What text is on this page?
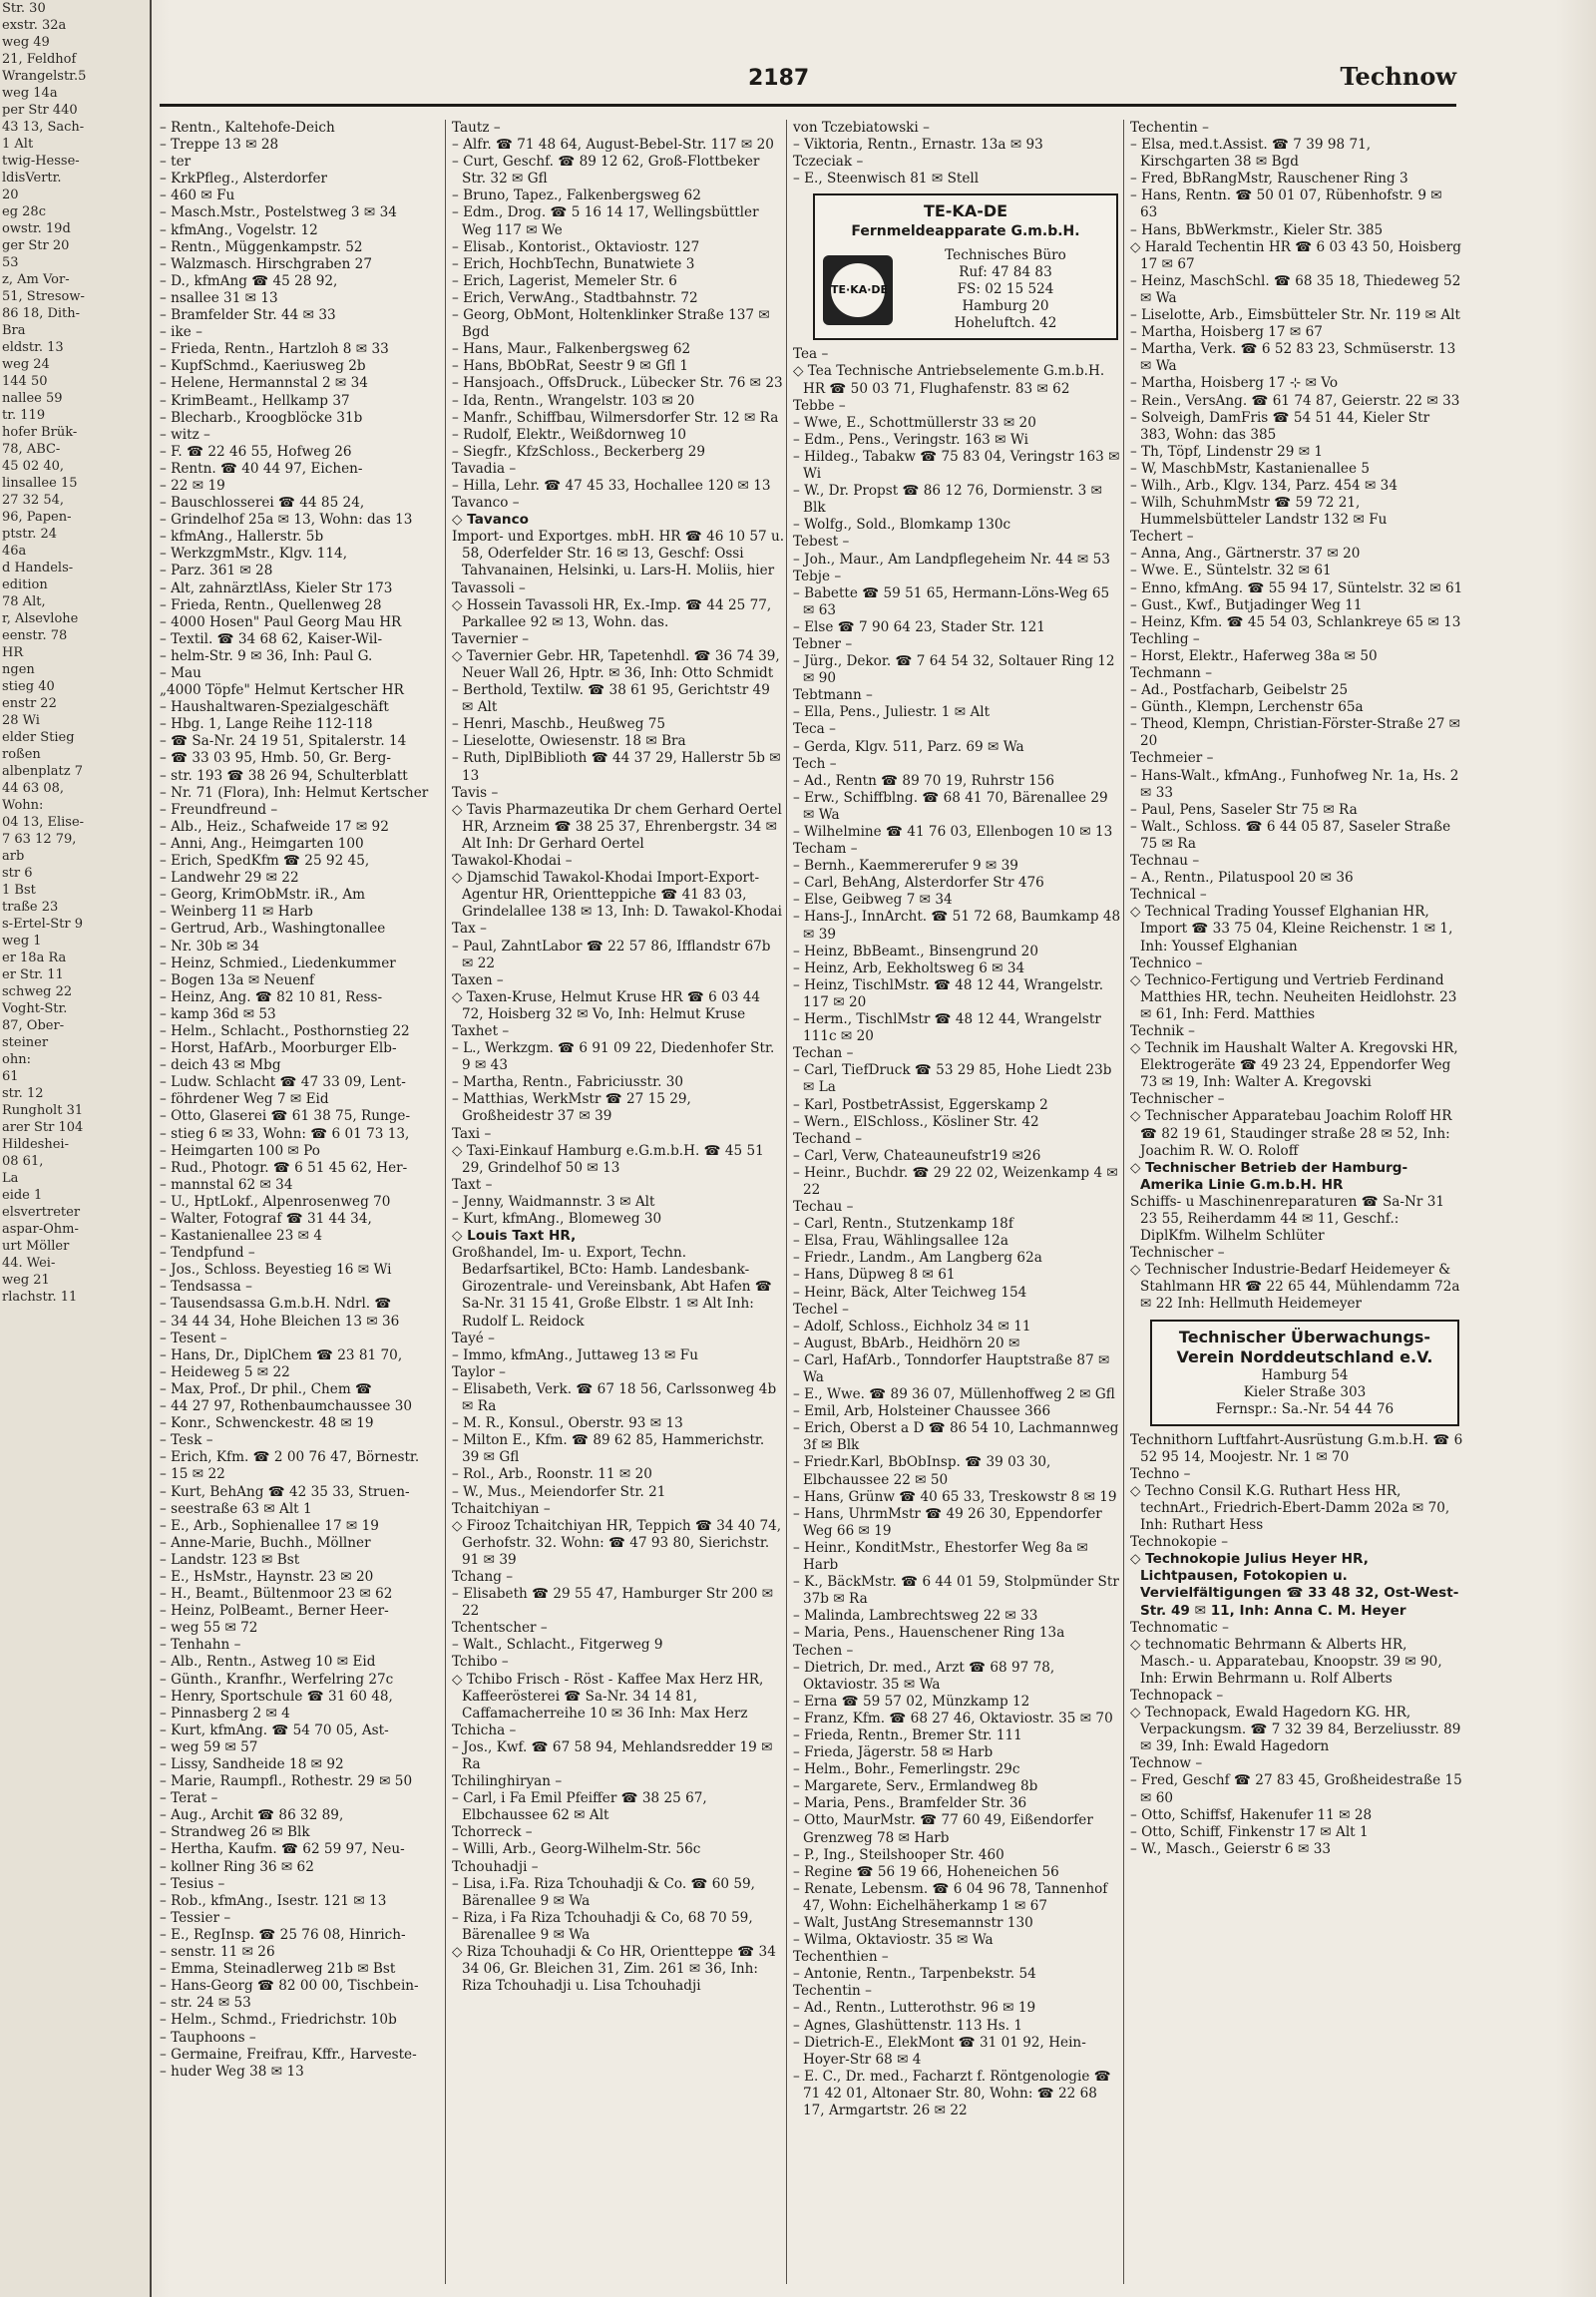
Str. 30
exstr. 32a
weg 49
21, Feldhof
Wrangelstr.5
weg 14a
per Str 440
43 13, Sach-
1 Alt
twig-Hesse-
ldisVertr.
20
eg 28c
owstr. 19d
ger Str 20
53
z, Am Vor-
51, Stresow-
86 18, Dith-
Bra
eldstr. 13
weg 24
144 50
nallee 59
tr. 119
hofer Brük-
78, ABC-
45 02 40,
linsallee 15
27 32 54,
96, Papen-
ptstr. 24
46a
d Handels-
edition
78 Alt,
r, Alsevlohe
eenstr. 78
HR
ngen
stieg 40
enstr 22
28 Wi
elder Stieg
roßen
albenplatz 7
44 63 08,
Wohn:
04 13, Elise-
7 63 12 79,
arb
str 6
1 Bst
traße 23
s-Ertel-Str 9
weg 1
er 18a Ra
er Str. 11
schweg 22
Voght-Str.
87, Ober-
steiner
ohn:
61
str. 12
Rungholt 31
arer Str 104
Hildeshei-
08 61,
La
eide 1
elsvertreter
aspar-Ohm-
urt Möller
44. Wei-
weg 21
rlachstr. 11
2187	Technow
– Rentn., Kaltehofe-Deich
– Treppe 13 ✉ 28
– ter
– KrkPfleg., Alsterdorfer
– 460 ✉ Fu
– Masch.Mstr., Postelstweg 3 ✉ 34
– kfmAng., Vogelstr. 12
– Rentn., Müggenkampstr. 52
– Walzmasch. Hirschgraben 27
– D., kfmAng ☎ 45 28 92,
– nsallee 31 ✉ 13
– Bramfelder Str. 44 ✉ 33
– ike –
– Frieda, Rentn., Hartzloh 8 ✉ 33
– KupfSchmd., Kaeriusweg 2b
– Helene, Hermannstal 2 ✉ 34
– KrimBeamt., Hellkamp 37
– Blecharb., Kroogblöcke 31b
– witz –
– F. ☎ 22 46 55, Hofweg 26
– Rentn. ☎ 40 44 97, Eichen-
– 22 ✉ 19
– Bauschlosserei ☎ 44 85 24,
– Grindelhof 25a ✉ 13, Wohn: das 13
– kfmAng., Hallerstr. 5b
– WerkzgmMstr., Klgv. 114,
– Parz. 361 ✉ 28
– Alt, zahnärztlAss, Kieler Str 173
– Frieda, Rentn., Quellenweg 28
– 4000 Hosen" Paul Georg Mau HR
– Textil. ☎ 34 68 62, Kaiser-Wil-
– helm-Str. 9 ✉ 36, Inh: Paul G.
– Mau
„4000 Töpfe" Helmut Kertscher HR
– Haushaltwaren-Spezialgeschäft
– Hbg. 1, Lange Reihe 112-118
– ☎ Sa-Nr. 24 19 51, Spitalerstr. 14
– ☎ 33 03 95, Hmb. 50, Gr. Berg-
– str. 193 ☎ 38 26 94, Schulterblatt
– Nr. 71 (Flora), Inh: Helmut Kertscher
– Freundfreund –
– Alb., Heiz., Schafweide 17 ✉ 92
– Anni, Ang., Heimgarten 100
– Erich, SpedKfm ☎ 25 92 45,
– Landwehr 29 ✉ 22
– Georg, KrimObMstr. iR., Am
– Weinberg 11 ✉ Harb
– Gertrud, Arb., Washingtonallee
– Nr. 30b ✉ 34
– Heinz, Schmied., Liedenkummer
– Bogen 13a ✉ Neuenf
– Heinz, Ang. ☎ 82 10 81, Ress-
– kamp 36d ✉ 53
– Helm., Schlacht., Posthornstieg 22
– Horst, HafArb., Moorburger Elb-
– deich 43 ✉ Mbg
– Ludw. Schlacht ☎ 47 33 09, Lent-
– föhrdener Weg 7 ✉ Eid
– Otto, Glaserei ☎ 61 38 75, Runge-
– stieg 6 ✉ 33, Wohn: ☎ 6 01 73 13,
– Heimgarten 100 ✉ Po
– Rud., Photogr. ☎ 6 51 45 62, Her-
– mannstal 62 ✉ 34
– U., HptLokf., Alpenrosenweg 70
– Walter, Fotograf ☎ 31 44 34,
– Kastanienallee 23 ✉ 4
– Tendpfund –
– Jos., Schloss. Beyestieg 16 ✉ Wi
– Tendsassa –
– Tausendsassa G.m.b.H. Ndrl. ☎
– 34 44 34, Hohe Bleichen 13 ✉ 36
– Tesent –
– Hans, Dr., DiplChem ☎ 23 81 70,
– Heideweg 5 ✉ 22
– Max, Prof., Dr phil., Chem ☎
– 44 27 97, Rothenbaumchaussee 30
– Konr., Schwenckestr. 48 ✉ 19
– Tesk –
– Erich, Kfm. ☎ 2 00 76 47, Börnestr.
– 15 ✉ 22
– Kurt, BehAng ☎ 42 35 33, Struen-
– seestraße 63 ✉ Alt 1
– E., Arb., Sophienallee 17 ✉ 19
– Anne-Marie, Buchh., Möllner
– Landstr. 123 ✉ Bst
– E., HsMstr., Haynstr. 23 ✉ 20
– H., Beamt., Bültenmoor 23 ✉ 62
– Heinz, PolBeamt., Berner Heer-
– weg 55 ✉ 72
– Tenhahn –
– Alb., Rentn., Astweg 10 ✉ Eid
– Günth., Kranfhr., Werfelring 27c
– Henry, Sportschule ☎ 31 60 48,
– Pinnasberg 2 ✉ 4
– Kurt, kfmAng. ☎ 54 70 05, Ast-
– weg 59 ✉ 57
– Lissy, Sandheide 18 ✉ 92
– Marie, Raumpfl., Rothestr. 29 ✉ 50
– Terat –
– Aug., Archit ☎ 86 32 89,
– Strandweg 26 ✉ Blk
– Hertha, Kaufm. ☎ 62 59 97, Neu-
– kollner Ring 36 ✉ 62
– Tesius –
– Rob., kfmAng., Isestr. 121 ✉ 13
– Tessier –
– E., RegInsp. ☎ 25 76 08, Hinrich-
– senstr. 11 ✉ 26
– Emma, Steinadlerweg 21b ✉ Bst
– Hans-Georg ☎ 82 00 00, Tischbein-
– str. 24 ✉ 53
– Helm., Schmd., Friedrichstr. 10b
– Tauphoons –
– Germaine, Freifrau, Kffr., Harveste-
– huder Weg 38 ✉ 13
Tautz –
– Alfr. ☎ 71 48 64, August-Bebel-Str. 117 ✉ 20
– Curt, Geschf. ☎ 89 12 62, Groß-Flottbeker Str. 32 ✉ Gfl
– Bruno, Tapez., Falkenbergsweg 62
– Edm., Drog. ☎ 5 16 14 17, Wellingsbüttler Weg 117 ✉ We
– Elisab., Kontorist., Oktaviostr. 127
– Erich, HochbTechn, Bunatwiete 3
– Erich, Lagerist, Memeler Str. 6
– Erich, VerwAng., Stadtbahnstr. 72
– Georg, ObMont, Holtenklinker Straße 137 ✉ Bgd
– Hans, Maur., Falkenbergsweg 62
– Hans, BbObRat, Seestr 9 ✉ Gfl 1
– Hansjoach., OffsDruck., Lübecker Str. 76 ✉ 23
– Ida, Rentn., Wrangelstr. 103 ✉ 20
– Manfr., Schiffbau, Wilmersdorfer Str. 12 ✉ Ra
– Rudolf, Elektr., Weißdornweg 10
– Siegfr., KfzSchloss., Beckerberg 29
Tavadia –
– Hilla, Lehr. ☎ 47 45 33, Hochallee 120 ✉ 13
Tavanco –
◇ Tavanco
Import- und Exportges. mbH. HR ☎ 46 10 57 u. 58, Oderfelder Str. 16 ✉ 13, Geschf: Ossi Tahvanainen, Helsinki, u. Lars-H. Moliis, hier
Tavassoli –
◇ Hossein Tavassoli HR, Ex.-Imp. ☎ 44 25 77, Parkallee 92 ✉ 13, Wohn. das.
Tavernier –
◇ Tavernier Gebr. HR, Tapetenhdl. ☎ 36 74 39, Neuer Wall 26, Hptr. ✉ 36, Inh: Otto Schmidt
– Berthold, Textilw. ☎ 38 61 95, Gerichtstr 49 ✉ Alt
– Henri, Maschb., Heußweg 75
– Lieselotte, Owiesenstr. 18 ✉ Bra
– Ruth, DiplBiblioth ☎ 44 37 29, Hallerstr 5b ✉ 13
Tavis –
◇ Tavis Pharmazeutika Dr chem Gerhard Oertel HR, Arzneim ☎ 38 25 37, Ehrenbergstr. 34 ✉ Alt Inh: Dr Gerhard Oertel
Tawakol-Khodai –
◇ Djamschid Tawakol-Khodai Import-Export-Agentur HR, Orientteppiche ☎ 41 83 03, Grindelallee 138 ✉ 13, Inh: D. Tawakol-Khodai
Tax –
– Paul, ZahntLabor ☎ 22 57 86, Ifflandstr 67b ✉ 22
Taxen –
◇ Taxen-Kruse, Helmut Kruse HR ☎ 6 03 44 72, Hoisberg 32 ✉ Vo, Inh: Helmut Kruse
Taxhet –
– L., Werkzgm. ☎ 6 91 09 22, Diedenhofer Str. 9 ✉ 43
– Martha, Rentn., Fabriciusstr. 30
– Matthias, WerkMstr ☎ 27 15 29, Großheidestr 37 ✉ 39
Taxi –
◇ Taxi-Einkauf Hamburg e.G.m.b.H. ☎ 45 51 29, Grindelhof 50 ✉ 13
Taxt –
– Jenny, Waidmannstr. 3 ✉ Alt
– Kurt, kfmAng., Blomeweg 30
◇ Louis Taxt HR,
Großhandel, Im- u. Export, Techn. Bedarfsartikel, BCto: Hamb. Landesbank-Girozentrale- und Vereinsbank, Abt Hafen ☎ Sa-Nr. 31 15 41, Große Elbstr. 1 ✉ Alt Inh: Rudolf L. Reidock
Tayé –
– Immo, kfmAng., Juttaweg 13 ✉ Fu
Taylor –
– Elisabeth, Verk. ☎ 67 18 56, Carlssonweg 4b ✉ Ra
– M. R., Konsul., Oberstr. 93 ✉ 13
– Milton E., Kfm. ☎ 89 62 85, Hammerichstr. 39 ✉ Gfl
– Rol., Arb., Roonstr. 11 ✉ 20
– W., Mus., Meiendorfer Str. 21
Tchaitchiyan –
◇ Firooz Tchaitchiyan HR, Teppich ☎ 34 40 74, Gerhofstr. 32. Wohn: ☎ 47 93 80, Sierichstr. 91 ✉ 39
Tchang –
– Elisabeth ☎ 29 55 47, Hamburger Str 200 ✉ 22
Tchentscher –
– Walt., Schlacht., Fitgerweg 9
Tchibo –
◇ Tchibo Frisch - Röst - Kaffee Max Herz HR, Kaffeerösterei ☎ Sa-Nr. 34 14 81, Caffamacherreihe 10 ✉ 36 Inh: Max Herz
Tchicha –
– Jos., Kwf. ☎ 67 58 94, Mehlandsredder 19 ✉ Ra
Tchilinghiryan –
– Carl, i Fa Emil Pfeiffer ☎ 38 25 67, Elbchaussee 62 ✉ Alt
Tchorreck –
– Willi, Arb., Georg-Wilhelm-Str. 56c
Tchouhadji –
– Lisa, i.Fa. Riza Tchouhadji & Co. ☎ 60 59, Bärenallee 9 ✉ Wa
– Riza, i Fa Riza Tchouhadji & Co, 68 70 59, Bärenallee 9 ✉ Wa
◇ Riza Tchouhadji & Co HR, Orientteppe ☎ 34 34 06, Gr. Bleichen 31, Zim. 261 ✉ 36, Inh: Riza Tchouhadji u. Lisa Tchouhadji
von Tczebiatowski –
– Viktoria, Rentn., Ernastr. 13a ✉ 93
Tczeciak –
– E., Steenwisch 81 ✉ Stell
TE-KA-DE
Fernmeldeapparate G.m.b.H.
TE·KA·DE
Technisches Büro
Ruf: 47 84 83
FS: 02 15 524
Hamburg 20
Hoheluftch. 42
Tea –
◇ Tea Technische Antriebselemente G.m.b.H. HR ☎ 50 03 71, Flughafenstr. 83 ✉ 62
Tebbe –
– Wwe, E., Schottmüllerstr 33 ✉ 20
– Edm., Pens., Veringstr. 163 ✉ Wi
– Hildeg., Tabakw ☎ 75 83 04, Veringstr 163 ✉ Wi
– W., Dr. Propst ☎ 86 12 76, Dormienstr. 3 ✉ Blk
– Wolfg., Sold., Blomkamp 130c
Tebest –
– Joh., Maur., Am Landpflegeheim Nr. 44 ✉ 53
Tebje –
– Babette ☎ 59 51 65, Hermann-Löns-Weg 65 ✉ 63
– Else ☎ 7 90 64 23, Stader Str. 121
Tebner –
– Jürg., Dekor. ☎ 7 64 54 32, Soltauer Ring 12 ✉ 90
Tebtmann –
– Ella, Pens., Juliestr. 1 ✉ Alt
Teca –
– Gerda, Klgv. 511, Parz. 69 ✉ Wa
Tech –
– Ad., Rentn ☎ 89 70 19, Ruhrstr 156
– Erw., Schiffblng. ☎ 68 41 70, Bärenallee 29 ✉ Wa
– Wilhelmine ☎ 41 76 03, Ellenbogen 10 ✉ 13
Techam –
– Bernh., Kaemmererufer 9 ✉ 39
– Carl, BehAng, Alsterdorfer Str 476
– Else, Geibweg 7 ✉ 34
– Hans-J., InnArcht. ☎ 51 72 68, Baumkamp 48 ✉ 39
– Heinz, BbBeamt., Binsengrund 20
– Heinz, Arb, Eekholtsweg 6 ✉ 34
– Heinz, TischlMstr. ☎ 48 12 44, Wrangelstr. 117 ✉ 20
– Herm., TischlMstr ☎ 48 12 44, Wrangelstr 111c ✉ 20
Techan –
– Carl, TiefDruck ☎ 53 29 85, Hohe Liedt 23b ✉ La
– Karl, PostbetrAssist, Eggerskamp 2
– Wern., ElSchloss., Kösliner Str. 42
Techand –
– Carl, Verw, Chateauneufstr19 ✉26
– Heinr., Buchdr. ☎ 29 22 02, Weizenkamp 4 ✉ 22
Techau –
– Carl, Rentn., Stutzenkamp 18f
– Elsa, Frau, Wählingsallee 12a
– Friedr., Landm., Am Langberg 62a
– Hans, Düpweg 8 ✉ 61
– Heinr, Bäck, Alter Teichweg 154
Techel –
– Adolf, Schloss., Eichholz 34 ✉ 11
– August, BbArb., Heidhörn 20 ✉
– Carl, HafArb., Tonndorfer Hauptstraße 87 ✉ Wa
– E., Wwe. ☎ 89 36 07, Müllenhoffweg 2 ✉ Gfl
– Emil, Arb, Holsteiner Chaussee 366
– Erich, Oberst a D ☎ 86 54 10, Lachmannweg 3f ✉ Blk
– Friedr.Karl, BbObInsp. ☎ 39 03 30, Elbchaussee 22 ✉ 50
– Hans, Grünw ☎ 40 65 33, Treskowstr 8 ✉ 19
– Hans, UhrmMstr ☎ 49 26 30, Eppendorfer Weg 66 ✉ 19
– Heinr., KonditMstr., Ehestorfer Weg 8a ✉ Harb
– K., BäckMstr. ☎ 6 44 01 59, Stolpmünder Str 37b ✉ Ra
– Malinda, Lambrechtsweg 22 ✉ 33
– Maria, Pens., Hauenschener Ring 13a
Techen –
– Dietrich, Dr. med., Arzt ☎ 68 97 78, Oktaviostr. 35 ✉ Wa
– Erna ☎ 59 57 02, Münzkamp 12
– Franz, Kfm. ☎ 68 27 46, Oktaviostr. 35 ✉ 70
– Frieda, Rentn., Bremer Str. 111
– Frieda, Jägerstr. 58 ✉ Harb
– Helm., Bohr., Femerlingstr. 29c
– Margarete, Serv., Ermlandweg 8b
– Maria, Pens., Bramfelder Str. 36
– Otto, MaurMstr. ☎ 77 60 49, Eißendorfer Grenzweg 78 ✉ Harb
– P., Ing., Steilshooper Str. 460
– Regine ☎ 56 19 66, Hoheneichen 56
– Renate, Lebensm. ☎ 6 04 96 78, Tannenhof 47, Wohn: Eichelhäherkamp 1 ✉ 67
– Walt, JustAng Stresemannstr 130
– Wilma, Oktaviostr. 35 ✉ Wa
Techenthien –
– Antonie, Rentn., Tarpenbekstr. 54
Techentin –
– Ad., Rentn., Lutterothstr. 96 ✉ 19
– Agnes, Glashüttenstr. 113 Hs. 1
– Dietrich-E., ElekMont ☎ 31 01 92, Hein-Hoyer-Str 68 ✉ 4
– E. C., Dr. med., Facharzt f. Röntgenologie ☎ 71 42 01, Altonaer Str. 80, Wohn: ☎ 22 68 17, Armgartstr. 26 ✉ 22
Techentin –
– Elsa, med.t.Assist. ☎ 7 39 98 71, Kirschgarten 38 ✉ Bgd
– Fred, BbRangMstr, Rauschener Ring 3
– Hans, Rentn. ☎ 50 01 07, Rübenhofstr. 9 ✉ 63
– Hans, BbWerkmstr., Kieler Str. 385
◇ Harald Techentin HR ☎ 6 03 43 50, Hoisberg 17 ✉ 67
– Heinz, MaschSchl. ☎ 68 35 18, Thiedeweg 52 ✉ Wa
– Liselotte, Arb., Eimsbütteler Str. Nr. 119 ✉ Alt
– Martha, Hoisberg 17 ✉ 67
– Martha, Verk. ☎ 6 52 83 23, Schmüserstr. 13 ✉ Wa
– Martha, Hoisberg 17 ⊹ ✉ Vo
– Rein., VersAng. ☎ 61 74 87, Geierstr. 22 ✉ 33
– Solveigh, DamFris ☎ 54 51 44, Kieler Str 383, Wohn: das 385
– Th, Töpf, Lindenstr 29 ✉ 1
– W, MaschbMstr, Kastanienallee 5
– Wilh., Arb., Klgv. 134, Parz. 454 ✉ 34
– Wilh, SchuhmMstr ☎ 59 72 21, Hummelsbütteler Landstr 132 ✉ Fu
Techert –
– Anna, Ang., Gärtnerstr. 37 ✉ 20
– Wwe. E., Süntelstr. 32 ✉ 61
– Enno, kfmAng. ☎ 55 94 17, Süntelstr. 32 ✉ 61
– Gust., Kwf., Butjadinger Weg 11
– Heinz, Kfm. ☎ 45 54 03, Schlankreye 65 ✉ 13
Techling –
– Horst, Elektr., Haferweg 38a ✉ 50
Techmann –
– Ad., Postfacharb, Geibelstr 25
– Günth., Klempn, Lerchenstr 65a
– Theod, Klempn, Christian-Förster-Straße 27 ✉ 20
Techmeier –
– Hans-Walt., kfmAng., Funhofweg Nr. 1a, Hs. 2 ✉ 33
– Paul, Pens, Saseler Str 75 ✉ Ra
– Walt., Schloss. ☎ 6 44 05 87, Saseler Straße 75 ✉ Ra
Technau –
– A., Rentn., Pilatuspool 20 ✉ 36
Technical –
◇ Technical Trading Youssef Elghanian HR, Import ☎ 33 75 04, Kleine Reichenstr. 1 ✉ 1, Inh: Youssef Elghanian
Technico –
◇ Technico-Fertigung und Vertrieb Ferdinand Matthies HR, techn. Neuheiten Heidlohstr. 23 ✉ 61, Inh: Ferd. Matthies
Technik –
◇ Technik im Haushalt Walter A. Kregovski HR, Elektrogeräte ☎ 49 23 24, Eppendorfer Weg 73 ✉ 19, Inh: Walter A. Kregovski
Technischer –
◇ Technischer Apparatebau Joachim Roloff HR ☎ 82 19 61, Staudinger straße 28 ✉ 52, Inh: Joachim R. W. O. Roloff
◇ Technischer Betrieb der Hamburg-Amerika Linie G.m.b.H. HR
Schiffs- u Maschinenreparaturen ☎ Sa-Nr 31 23 55, Reiherdamm 44 ✉ 11, Geschf.: DiplKfm. Wilhelm Schlüter
Technischer –
◇ Technischer Industrie-Bedarf Heidemeyer & Stahlmann HR ☎ 22 65 44, Mühlendamm 72a ✉ 22 Inh: Hellmuth Heidemeyer
Technischer Überwachungs-Verein Norddeutschland e.V.
Hamburg 54
Kieler Straße 303
Fernspr.: Sa.-Nr. 54 44 76
Technithorn Luftfahrt-Ausrüstung G.m.b.H. ☎ 6 52 95 14, Moojestr. Nr. 1 ✉ 70
Techno –
◇ Techno Consil K.G. Ruthart Hess HR, technArt., Friedrich-Ebert-Damm 202a ✉ 70, Inh: Ruthart Hess
Technokopie –
◇ Technokopie Julius Heyer HR, Lichtpausen, Fotokopien u. Vervielfältigungen ☎ 33 48 32, Ost-West-Str. 49 ✉ 11, Inh: Anna C. M. Heyer
Technomatic –
◇ technomatic Behrmann & Alberts HR, Masch.- u. Apparatebau, Knoopstr. 39 ✉ 90, Inh: Erwin Behrmann u. Rolf Alberts
Technopack –
◇ Technopack, Ewald Hagedorn KG. HR, Verpackungsm. ☎ 7 32 39 84, Berzeliusstr. 89 ✉ 39, Inh: Ewald Hagedorn
Technow –
– Fred, Geschf ☎ 27 83 45, Großheidestraße 15 ✉ 60
– Otto, Schiffsf, Hakenufer 11 ✉ 28
– Otto, Schiff, Finkenstr 17 ✉ Alt 1
– W., Masch., Geierstr 6 ✉ 33
